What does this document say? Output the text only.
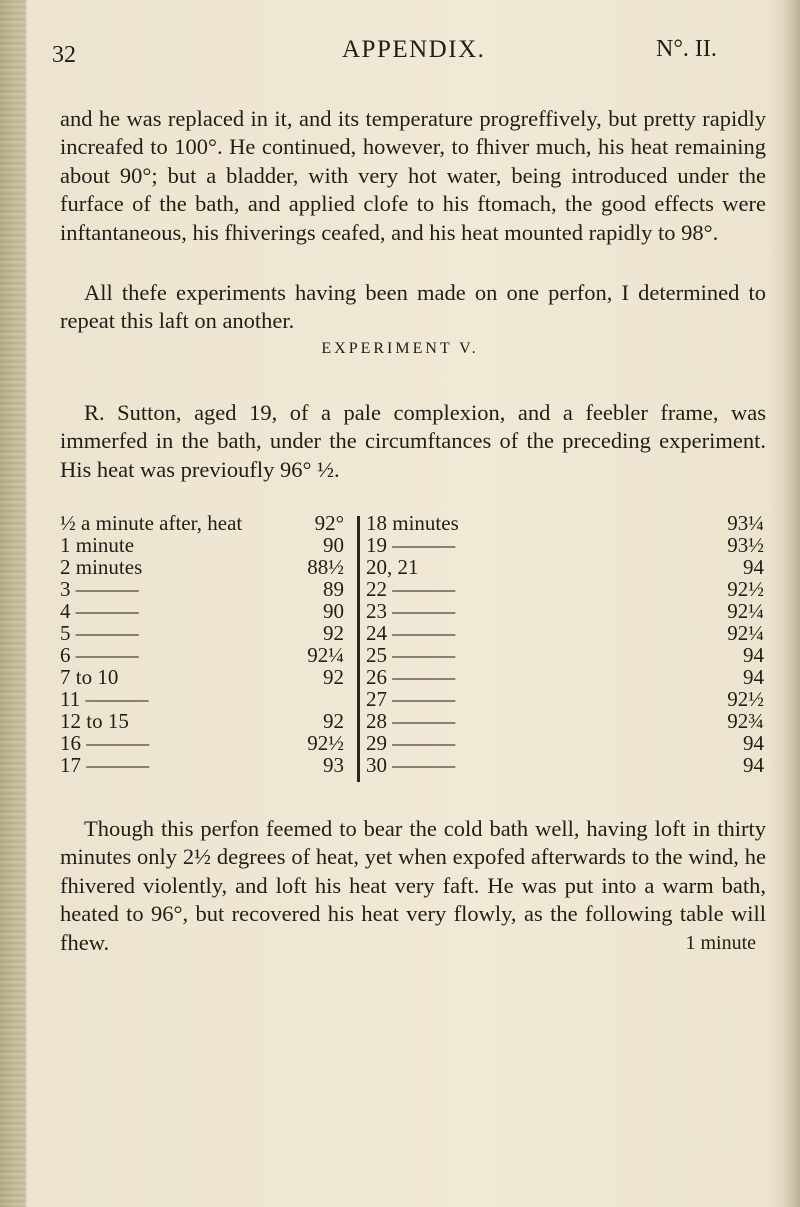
32	APPENDIX.	N°. II.

and he was replaced in it, and its temperature progreffively, but pretty rapidly increafed to 100°. He continued, however, to fhiver much, his heat remaining about 90°; but a bladder, with very hot water, being introduced under the furface of the bath, and applied clofe to his ftomach, the good effects were inftantaneous, his fhiverings ceafed, and his heat mounted rapidly to 98°.

All thefe experiments having been made on one perfon, I determined to repeat this laft on another.

EXPERIMENT V.

R. Sutton, aged 19, of a pale complexion, and a feebler frame, was immerfed in the bath, under the circumftances of the preceding experiment. His heat was previoufly 96° ½.

½ a minute after, heat	92°
1 minute	90
2 minutes	88½
3 ———	89
4 ———	90
5 ———	92
6 ———	92¼
7 to 10	92
11 ———
12 to 15	92
16 ———	92½
17 ———	93
18 minutes	93¼
19 ———	93½
20, 21	94
22 ———	92½
23 ———	92¼
24 ———	92¼
25 ———	94
26 ———	94
27 ———	92½
28 ———	92¾
29 ———	94
30 ———	94

Though this perfon feemed to bear the cold bath well, having loft in thirty minutes only 2½ degrees of heat, yet when expofed afterwards to the wind, he fhivered violently, and loft his heat very faft. He was put into a warm bath, heated to 96°, but recovered his heat very flowly, as the following table will fhew.	1 minute
